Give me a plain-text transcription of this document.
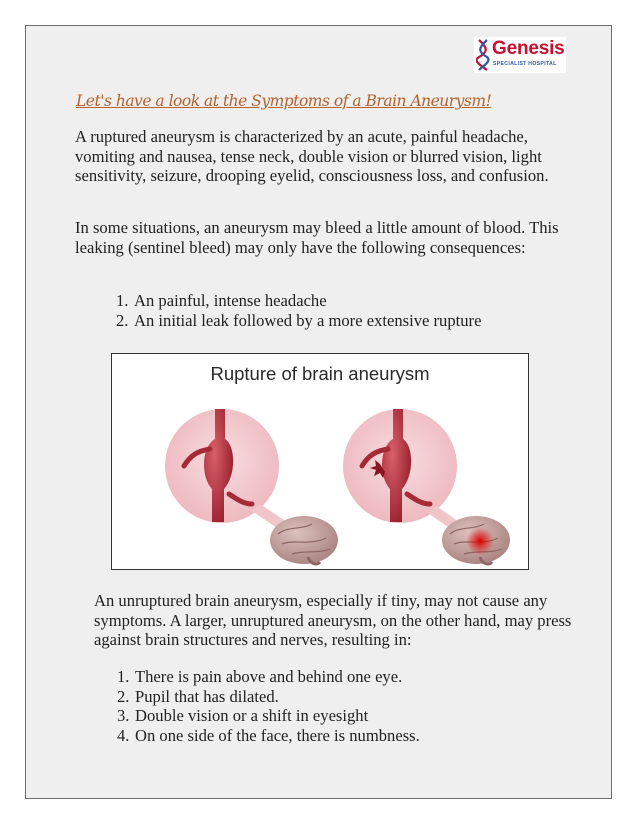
Genesis
SPECIALIST HOSPITAL
Let's have a look at the Symptoms of a Brain Aneurysm!

A ruptured aneurysm is characterized by an acute, painful headache, vomiting and nausea, tense neck, double vision or blurred vision, light sensitivity, seizure, drooping eyelid, consciousness loss, and confusion.

In some situations, an aneurysm may bleed a little amount of blood. This leaking (sentinel bleed) may only have the following consequences:

1. An painful, intense headache
2. An initial leak followed by a more extensive rupture
Rupture of brain aneurysm

An unruptured brain aneurysm, especially if tiny, may not cause any symptoms. A larger, unruptured aneurysm, on the other hand, may press against brain structures and nerves, resulting in:

1. There is pain above and behind one eye.
2. Pupil that has dilated.
3. Double vision or a shift in eyesight
4. On one side of the face, there is numbness.
